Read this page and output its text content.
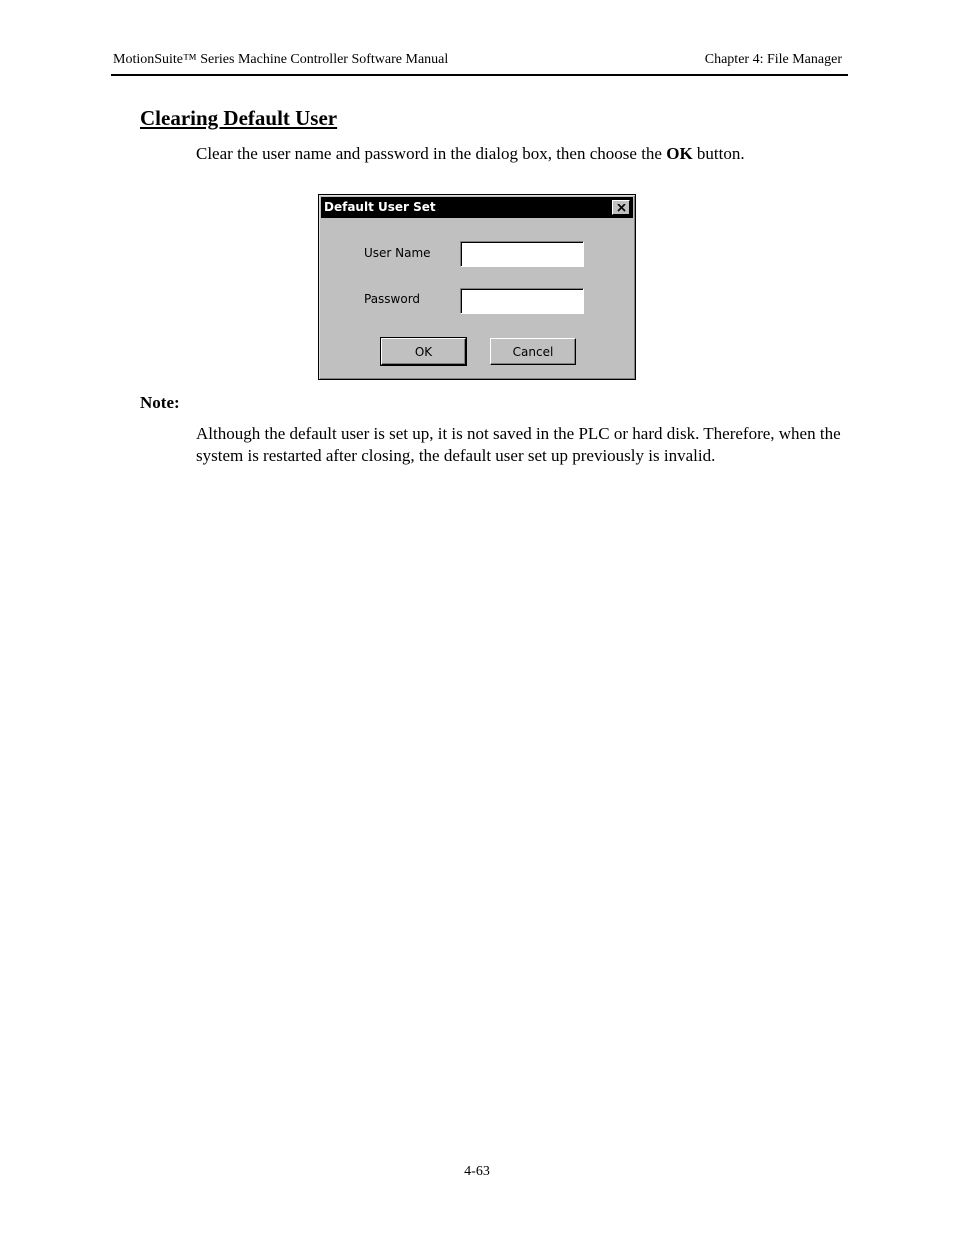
MotionSuite™ Series Machine Controller Software Manual	Chapter 4: File Manager
Clearing Default User
Clear the user name and password in the dialog box, then choose the OK button.
Default User Set
User Name
Password
OK	Cancel
Note:
Although the default user is set up, it is not saved in the PLC or hard disk. Therefore, when the system is restarted after closing, the default user set up previously is invalid.
4-63
